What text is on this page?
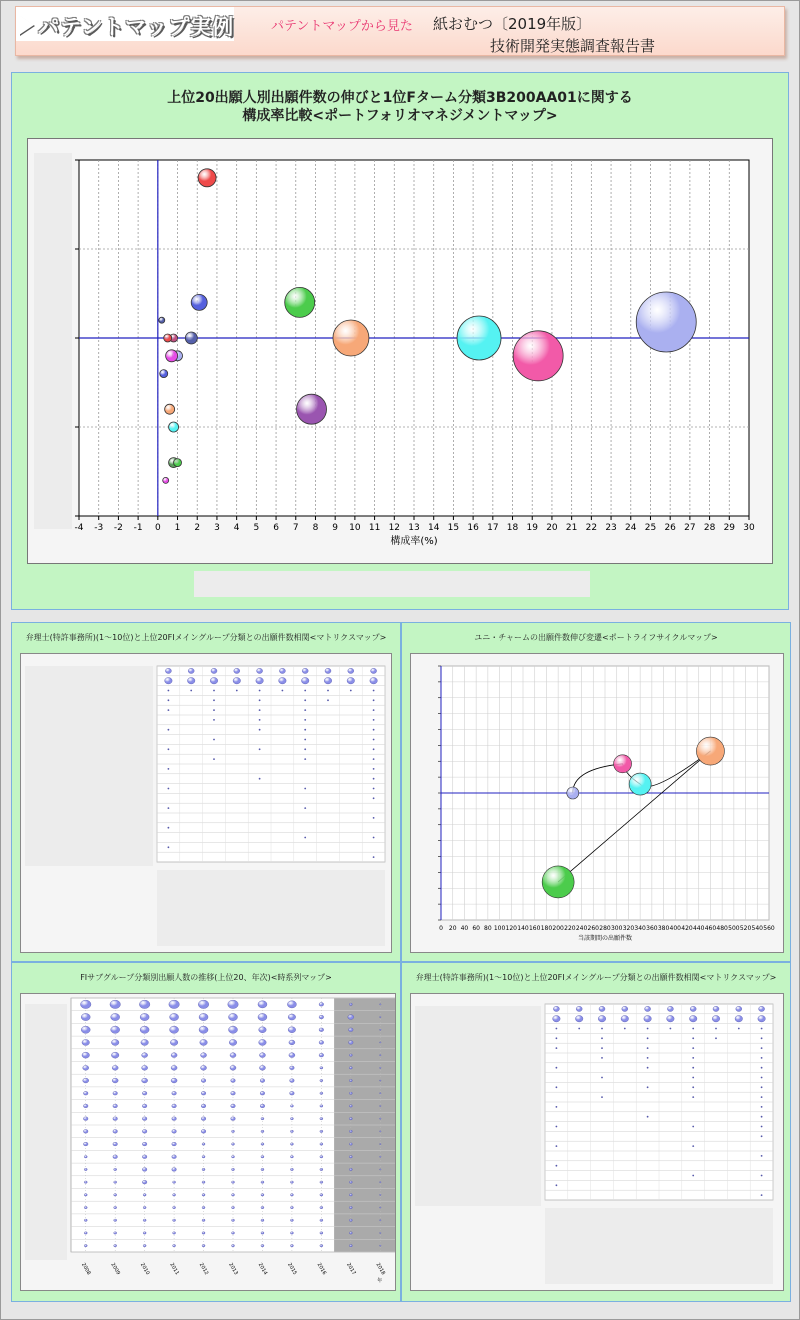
パテントマップ実例	パテントマップから見た 紙おむつ〔2019年版〕
技術開発実態調査報告書
上位20出願人別出願件数の伸びと1位Fターム分類3B200AA01に関する
構成率比較<ポートフォリオマネジメントマップ>
-4 -3 -2 -1 0 1 2 3 4 5 6 7 8 9 10 11 12 13 14 15 16 17 18 19 20 21 22 23 24 25 26 27 28 29 30
構成率(%)
弁理士(特許事務所)(1～10位)と上位20FIメイングループ分類との出願件数相関<マトリクスマップ>	ユニ・チャームの出願件数伸び変遷<ポートライフサイクルマップ>
0 20 40 60 80 100 120 140 160 180 200 220 240 260 280 300 320 340 360 380 400 420 440 460 480 500 520 540 560
当該期間の出願件数
FIサブグループ分類別出願人数の推移(上位20、年次)<時系列マップ>
2008	2009	2010	2011	2012	2013	2014	2015	2016	2017	2018
年
弁理士(特許事務所)(1～10位)と上位20FIメイングループ分類との出願件数相関<マトリクスマップ>
